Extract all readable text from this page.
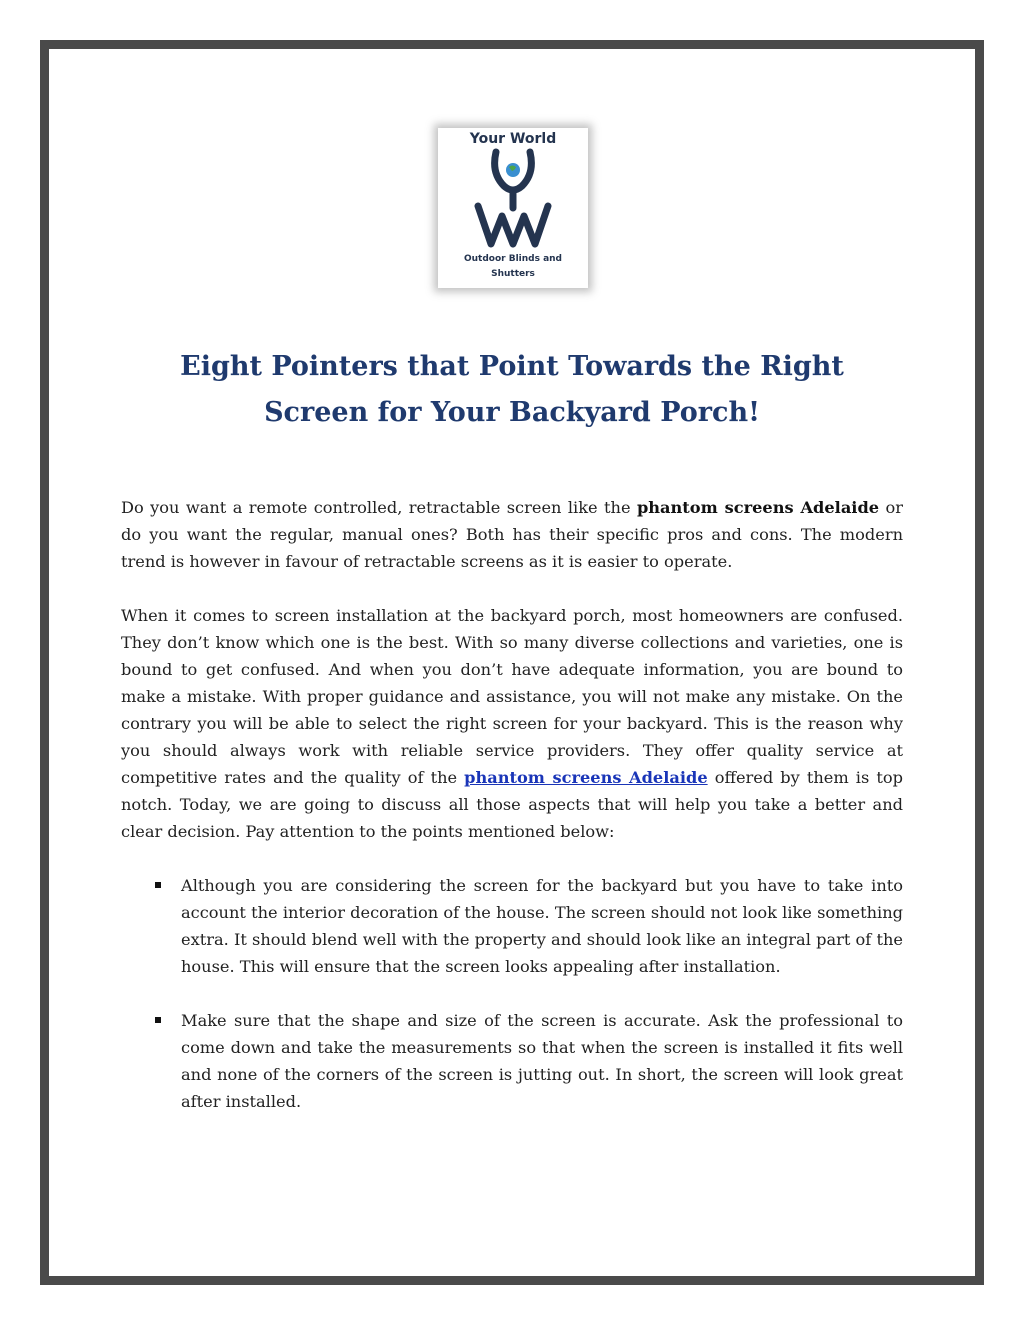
Your World
Outdoor Blinds and
Shutters
Eight Pointers that Point Towards the Right
Screen for Your Backyard Porch!

Do you want a remote controlled, retractable screen like the phantom screens Adelaide or do you want the regular, manual ones? Both has their specific pros and cons. The modern trend is however in favour of retractable screens as it is easier to operate.

When it comes to screen installation at the backyard porch, most homeowners are confused. They don’t know which one is the best. With so many diverse collections and varieties, one is bound to get confused. And when you don’t have adequate information, you are bound to make a mistake. With proper guidance and assistance, you will not make any mistake. On the contrary you will be able to select the right screen for your backyard. This is the reason why you should always work with reliable service providers. They offer quality service at competitive rates and the quality of the phantom screens Adelaide offered by them is top notch. Today, we are going to discuss all those aspects that will help you take a better and clear decision. Pay attention to the points mentioned below:

Although you are considering the screen for the backyard but you have to take into account the interior decoration of the house. The screen should not look like something extra. It should blend well with the property and should look like an integral part of the house. This will ensure that the screen looks appealing after installation.
Make sure that the shape and size of the screen is accurate. Ask the professional to come down and take the measurements so that when the screen is installed it fits well and none of the corners of the screen is jutting out. In short, the screen will look great after installed.
